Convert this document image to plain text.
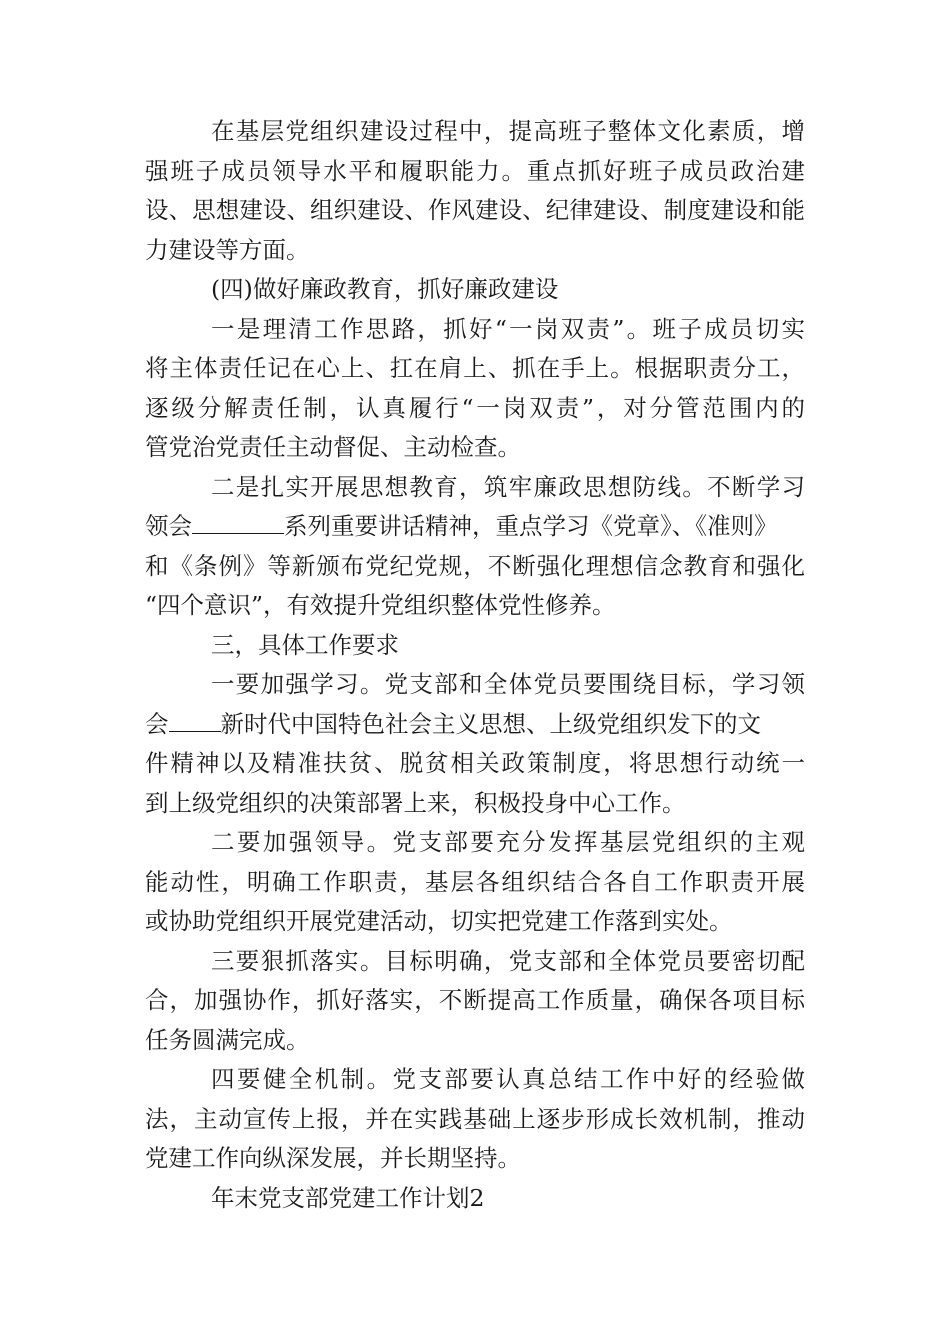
在基层党组织建设过程中，提高班子整体文化素质，增
强班子成员领导水平和履职能力。重点抓好班子成员政治建
设、思想建设、组织建设、作风建设、纪律建设、制度建设和能
力建设等方面。
(四)做好廉政教育，抓好廉政建设
一是理清工作思路，抓好“一岗双责”。班子成员切实
将主体责任记在心上、扛在肩上、抓在手上。根据职责分工，
逐级分解责任制，认真履行“一岗双责”，对分管范围内的
管党治党责任主动督促、主动检查。
二是扎实开展思想教育，筑牢廉政思想防线。不断学习
领会	系列重要讲话精神，重点学习《党章》、《准则》
和《条例》等新颁布党纪党规，不断强化理想信念教育和强化
“四个意识”，有效提升党组织整体党性修养。
三，具体工作要求
一要加强学习。党支部和全体党员要围绕目标，学习领
会 新时代中国特色社会主义思想、上级党组织发下的文
件精神以及精准扶贫、脱贫相关政策制度，将思想行动统一
到上级党组织的决策部署上来，积极投身中心工作。
二要加强领导。党支部要充分发挥基层党组织的主观
能动性，明确工作职责，基层各组织结合各自工作职责开展
或协助党组织开展党建活动，切实把党建工作落到实处。
三要狠抓落实。目标明确，党支部和全体党员要密切配
合，加强协作，抓好落实，不断提高工作质量，确保各项目标
任务圆满完成。
四要健全机制。党支部要认真总结工作中好的经验做
法，主动宣传上报，并在实践基础上逐步形成长效机制，推动
党建工作向纵深发展，并长期坚持。
年末党支部党建工作计划2
